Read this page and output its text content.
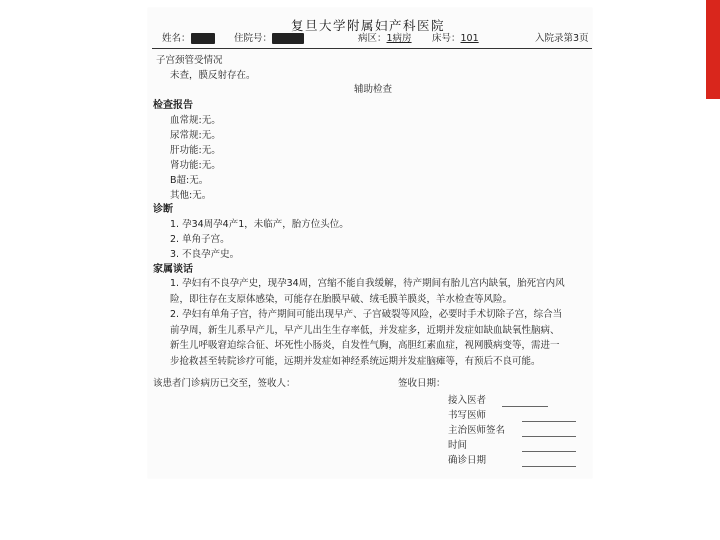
复旦大学附属妇产科医院
姓名：	住院号：	病区：1病房 床号：101	入院录第3页
子宫颈管受情况
未查，膜反射存在。
辅助检查
检查报告
血常规:无。
尿常规:无。
肝功能:无。
肾功能:无。
B超:无。
其他:无。
诊断
1. 孕34周孕4产1，未临产，胎方位头位。
2. 单角子宫。
3. 不良孕产史。
家属谈话
1. 孕妇有不良孕产史，现孕34周，宫缩不能自我缓解，待产期间有胎儿宫内缺氧，胎死宫内风险，即往存在支原体感染，可能存在胎膜早破、绒毛膜羊膜炎，羊水检查等风险。
2. 孕妇有单角子宫，待产期间可能出现早产、子宫破裂等风险，必要时手术切除子宫，综合当前孕周，新生儿系早产儿，早产儿出生生存率低，并发症多，近期并发症如缺血缺氧性脑病、新生儿呼吸窘迫综合征、坏死性小肠炎，自发性气胸，高胆红素血症，视网膜病变等，需进一步抢救甚至转院诊疗可能，远期并发症如神经系统远期并发症脑瘫等，有预后不良可能。
该患者门诊病历已交至，签收人：	签收日期：
接入医者
书写医师
主治医师签名
时间
确诊日期
